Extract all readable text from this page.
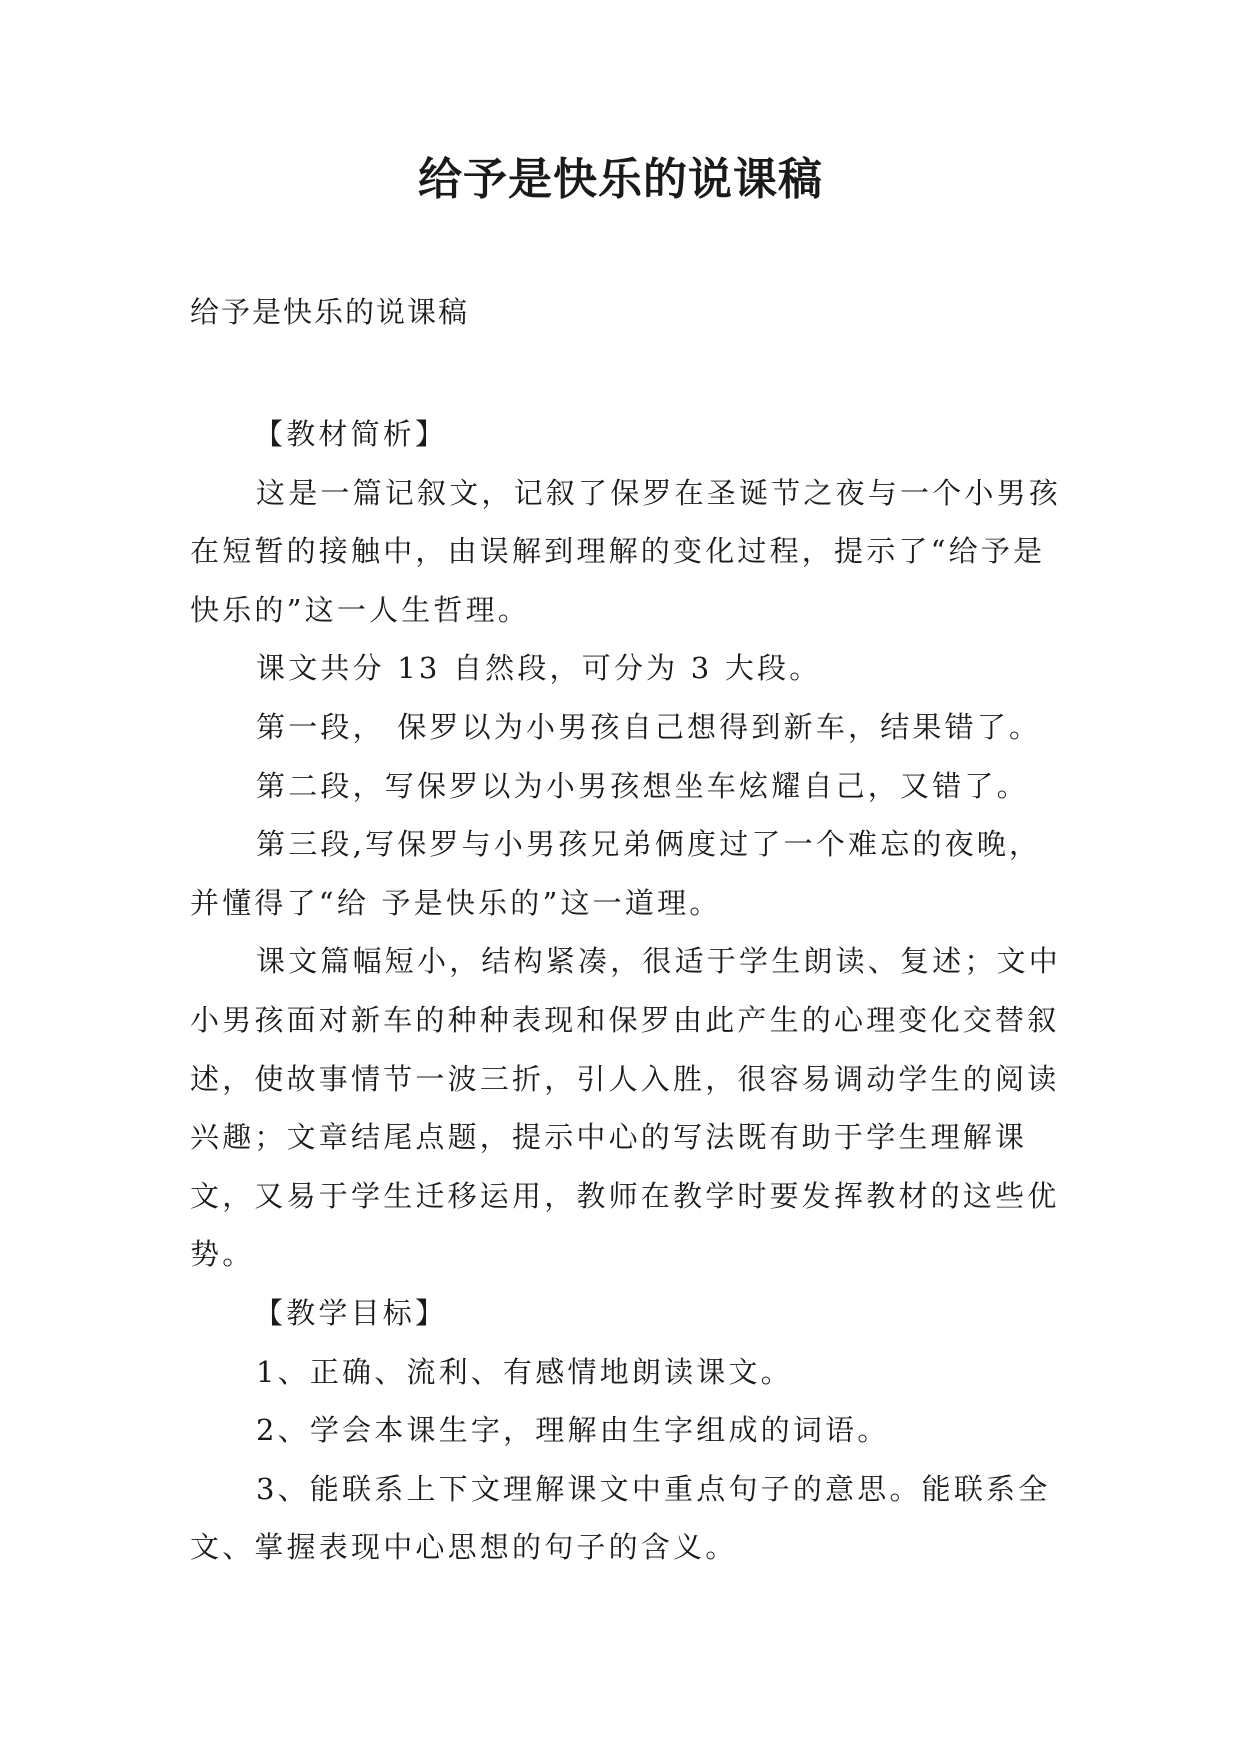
给予是快乐的说课稿

给予是快乐的说课稿

【教材简析】

这是一篇记叙文，记叙了保罗在圣诞节之夜与一个小男孩在短暂的接触中，由误解到理解的变化过程，提示了“给予是快乐的”这一人生哲理。

课文共分 13 自然段，可分为 3 大段。

第一段， 保罗以为小男孩自己想得到新车，结果错了。

第二段，写保罗以为小男孩想坐车炫耀自己，又错了。

第三段,写保罗与小男孩兄弟俩度过了一个难忘的夜晚，并懂得了“给 予是快乐的”这一道理。

课文篇幅短小，结构紧凑，很适于学生朗读、复述；文中小男孩面对新车的种种表现和保罗由此产生的心理变化交替叙述，使故事情节一波三折，引人入胜，很容易调动学生的阅读兴趣；文章结尾点题，提示中心的写法既有助于学生理解课文，又易于学生迁移运用，教师在教学时要发挥教材的这些优势。

【教学目标】

1、正确、流利、有感情地朗读课文。

2、学会本课生字，理解由生字组成的词语。

3、能联系上下文理解课文中重点句子的意思。能联系全文、掌握表现中心思想的句子的含义。
